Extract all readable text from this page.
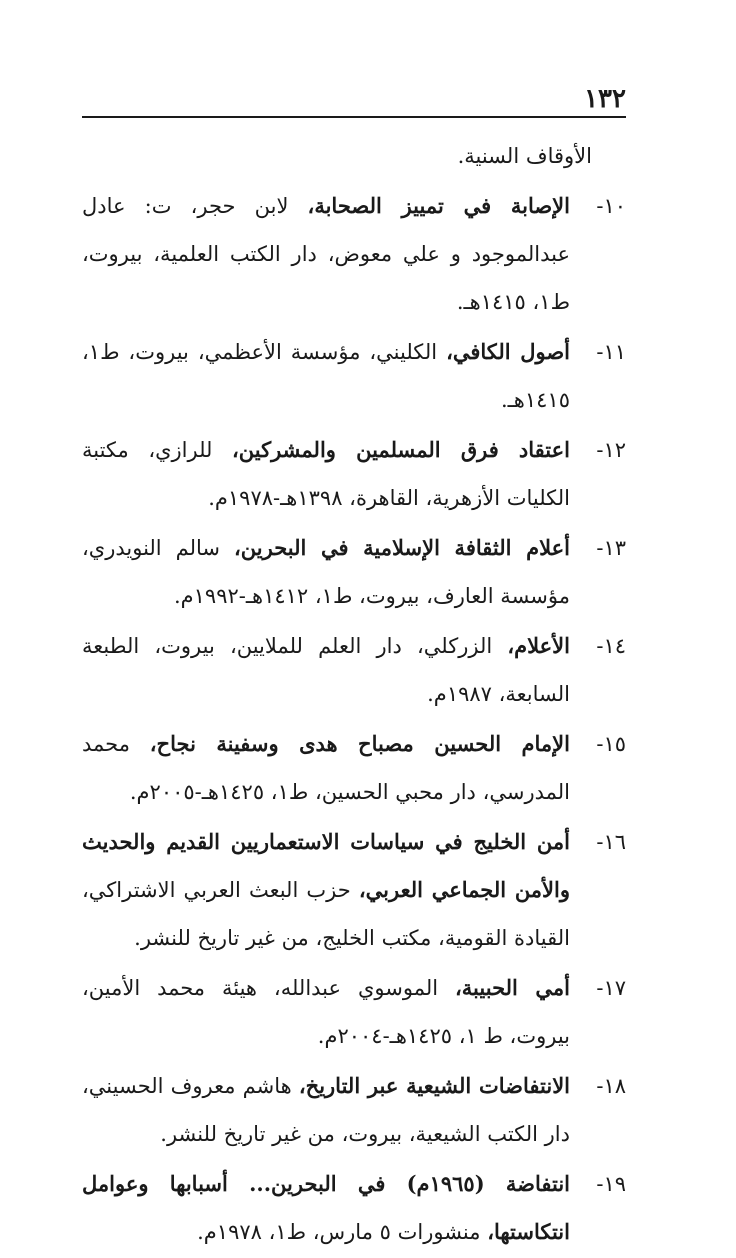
١٣٢
الأوقاف السنية.
١٠-
الإصابة في تمييز الصحابة، لابن حجر، ت: عادل عبدالموجود و علي معوض، دار الكتب العلمية، بيروت، ط١، ١٤١٥هـ.
١١-
أصول الكافي، الكليني، مؤسسة الأعظمي، بيروت، ط١، ١٤١٥هـ.
١٢-
اعتقاد فرق المسلمين والمشركين، للرازي، مكتبة الكليات الأزهرية، القاهرة، ١٣٩٨هـ-١٩٧٨م.
١٣-
أعلام الثقافة الإسلامية في البحرين، سالم النويدري، مؤسسة العارف، بيروت، ط١، ١٤١٢هـ-١٩٩٢م.
١٤-
الأعلام، الزركلي، دار العلم للملايين، بيروت، الطبعة السابعة، ١٩٨٧م.
١٥-
الإمام الحسين مصباح هدى وسفينة نجاح، محمد المدرسي، دار محبي الحسين، ط١، ١٤٢٥هـ-٢٠٠٥م.
١٦-
أمن الخليج في سياسات الاستعماريين القديم والحديث والأمن الجماعي العربي، حزب البعث العربي الاشتراكي، القيادة القومية، مكتب الخليج، من غير تاريخ للنشر.
١٧-
أمي الحبيبة، الموسوي عبدالله، هيئة محمد الأمين، بيروت، ط ١، ١٤٢٥هـ-٢٠٠٤م.
١٨-
الانتفاضات الشيعية عبر التاريخ، هاشم معروف الحسيني، دار الكتب الشيعية، بيروت، من غير تاريخ للنشر.
١٩-
انتفاضة (١٩٦٥م) في البحرين... أسبابها وعوامل انتكاستها، منشورات ٥ مارس، ط١، ١٩٧٨م.
